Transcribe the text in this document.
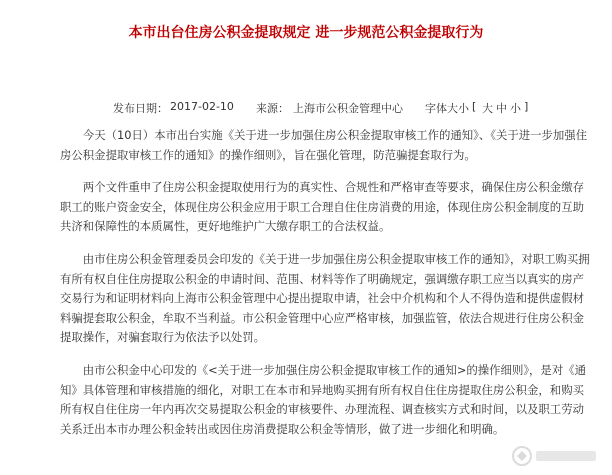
本市出台住房公积金提取规定 进一步规范公积金提取行为
发布日期： 2017-02-10 来源： 上海市公积金管理中心 字体大小 [ 大 中 小 ]

今天（10日）本市出台实施《关于进一步加强住房公积金提取审核工作的通知》、《关于进一步加强住房公积金提取审核工作的通知》的操作细则》，旨在强化管理，防范骗提套取行为。

两个文件重申了住房公积金提取使用行为的真实性、合规性和严格审查等要求，确保住房公积金缴存职工的账户资金安全，体现住房公积金应用于职工合理自住住房消费的用途，体现住房公积金制度的互助共济和保障性的本质属性，更好地维护广大缴存职工的合法权益。

由市住房公积金管理委员会印发的《关于进一步加强住房公积金提取审核工作的通知》，对职工购买拥有所有权自住住房提取公积金的申请时间、范围、材料等作了明确规定，强调缴存职工应当以真实的房产交易行为和证明材料向上海市公积金管理中心提出提取申请，社会中介机构和个人不得伪造和提供虚假材料骗提套取公积金，牟取不当利益。市公积金管理中心应严格审核，加强监管，依法合规进行住房公积金提取操作，对骗套取行为依法予以处罚。

由市公积金中心印发的《<关于进一步加强住房公积金提取审核工作的通知>的操作细则》，是对《通知》具体管理和审核措施的细化，对职工在本市和异地购买拥有所有权自住住房提取住房公积金，和购买所有权自住住房一年内再次交易提取公积金的审核要件、办理流程、调查核实方式和时间，以及职工劳动关系迁出本市办理公积金转出或因住房消费提取公积金等情形，做了进一步细化和明确。
